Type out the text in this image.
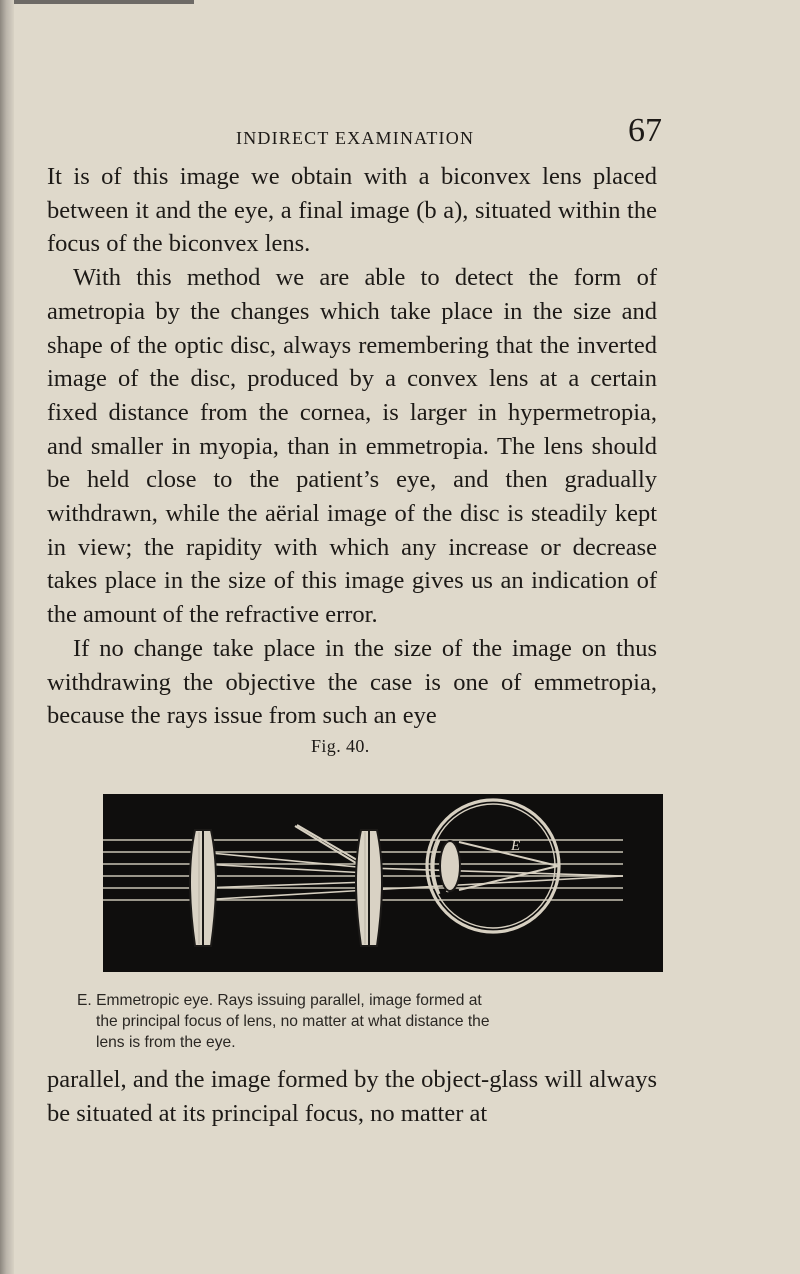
INDIRECT EXAMINATION	67

It is of this image we obtain with a biconvex lens placed between it and the eye, a final image (b a), situated within the focus of the biconvex lens.

With this method we are able to detect the form of ametropia by the changes which take place in the size and shape of the optic disc, always remembering that the inverted image of the disc, produced by a convex lens at a certain fixed distance from the cornea, is larger in hypermetropia, and smaller in myopia, than in emmetropia. The lens should be held close to the patient’s eye, and then gradually withdrawn, while the aërial image of the disc is steadily kept in view; the rapidity with which any increase or decrease takes place in the size of this image gives us an indication of the amount of the refractive error.

If no change take place in the size of the image on thus withdrawing the objective the case is one of emmetropia, because the rays issue from such an eye

Fig. 40.
E
E. Emmetropic eye. Rays issuing parallel, image formed at
the principal focus of lens, no matter at what distance the
lens is from the eye.

parallel, and the image formed by the object-glass will always be situated at its principal focus, no matter at
